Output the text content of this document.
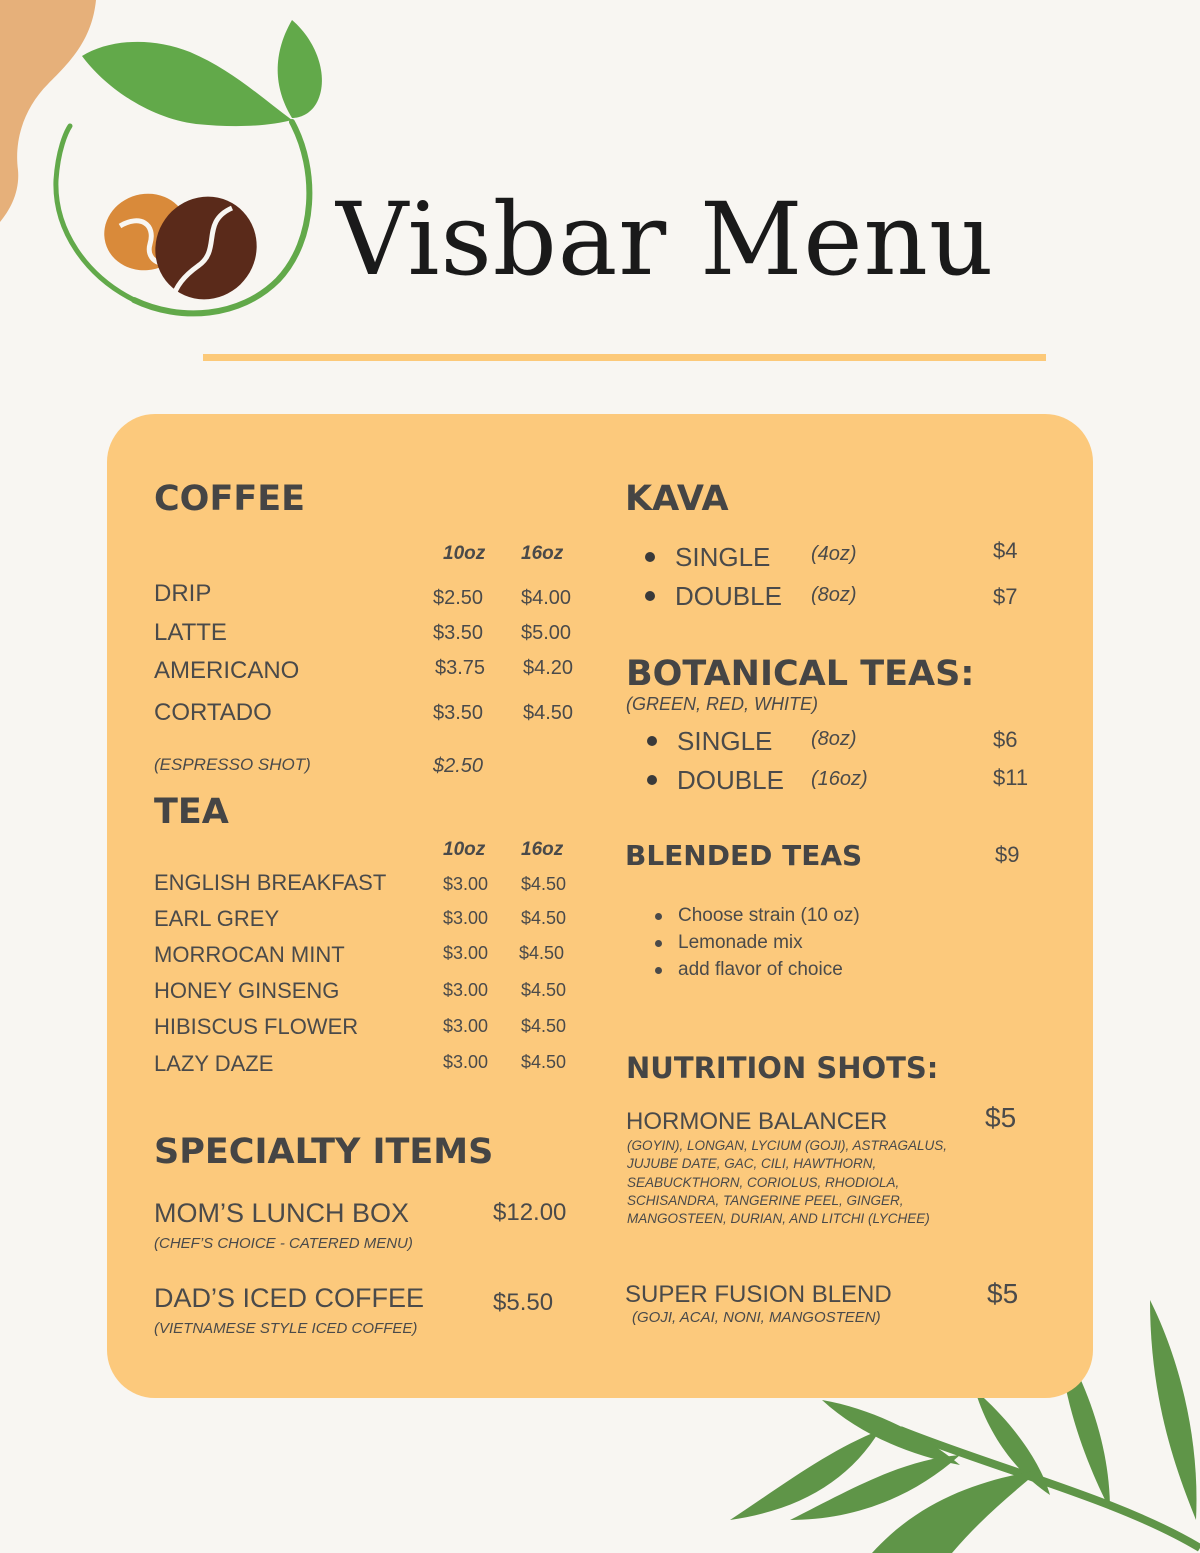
Visbar Menu
COFFEE
10oz 16oz
DRIP	$2.50 $4.00
LATTE	$3.50 $5.00
AMERICANO	$3.75 $4.20
CORTADO	$3.50 $4.50
(ESPRESSO SHOT)	$2.50
TEA
10oz 16oz
ENGLISH BREAKFAST	$3.00 $4.50
EARL GREY	$3.00 $4.50
MORROCAN MINT	$3.00 $4.50
HONEY GINSENG	$3.00 $4.50
HIBISCUS FLOWER	$3.00 $4.50
LAZY DAZE	$3.00 $4.50
SPECIALTY ITEMS
MOM’S LUNCH BOX	$12.00
(CHEF’S CHOICE - CATERED MENU)
DAD’S ICED COFFEE	$5.50
(VIETNAMESE STYLE ICED COFFEE)
KAVA
SINGLE (4oz)	$4
DOUBLE (8oz)	$7
BOTANICAL TEAS:
(GREEN, RED, WHITE)
SINGLE (8oz)	$6
DOUBLE (16oz)	$11
BLENDED TEAS	$9
Choose strain (10 oz)
Lemonade mix
add flavor of choice
NUTRITION SHOTS:
HORMONE BALANCER	$5
(GOYIN), LONGAN, LYCIUM (GOJI), ASTRAGALUS, JUJUBE DATE, GAC, CILI, HAWTHORN, SEABUCKTHORN, CORIOLUS, RHODIOLA, SCHISANDRA, TANGERINE PEEL, GINGER, MANGOSTEEN, DURIAN, AND LITCHI (LYCHEE)
SUPER FUSION BLEND	$5
(GOJI, ACAI, NONI, MANGOSTEEN)
